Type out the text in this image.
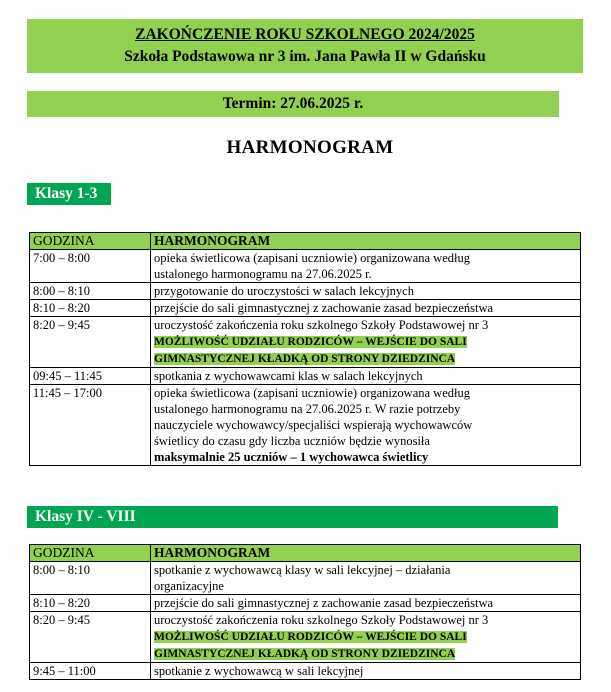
ZAKOŃCZENIE ROKU SZKOLNEGO 2024/2025
Szkoła Podstawowa nr 3 im. Jana Pawła II w Gdańsku
Termin: 27.06.2025 r.
HARMONOGRAM
Klasy 1-3
GODZINA	HARMONOGRAM
7:00 – 8:00	opieka świetlicowa (zapisani uczniowie) organizowana według
ustalonego harmonogramu na 27.06.2025 r.

8:00 – 8:10	przygotowanie do uroczystości w salach lekcyjnych

8:10 – 8:20	przejście do sali gimnastycznej z zachowanie zasad bezpieczeństwa

8:20 – 9:45	uroczystość zakończenia roku szkolnego Szkoły Podstawowej nr 3
MOŻLIWOŚĆ UDZIAŁU RODZICÓW – WEJŚCIE DO SALI
GIMNASTYCZNEJ KŁADKĄ OD STRONY DZIEDZINCA

09:45 – 11:45	spotkania z wychowawcami klas w salach lekcyjnych

11:45 – 17:00	opieka świetlicowa (zapisani uczniowie) organizowana według
ustalonego harmonogramu na 27.06.2025 r. W razie potrzeby
nauczyciele wychowawcy/specjaliści wspierają wychowawców
świetlicy do czasu gdy liczba uczniów będzie wynosiła
maksymalnie 25 uczniów – 1 wychowawca świetlicy
Klasy IV - VIII
GODZINA	HARMONOGRAM
8:00 – 8:10	spotkanie z wychowawcą klasy w sali lekcyjnej – działania
organizacyjne

8:10 – 8:20	przejście do sali gimnastycznej z zachowanie zasad bezpieczeństwa

8:20 – 9:45	uroczystość zakończenia roku szkolnego Szkoły Podstawowej nr 3
MOŻLIWOŚĆ UDZIAŁU RODZICÓW – WEJŚCIE DO SALI
GIMNASTYCZNEJ KŁADKĄ OD STRONY DZIEDZINCA

9:45 – 11:00	spotkanie z wychowawcą w sali lekcyjnej
